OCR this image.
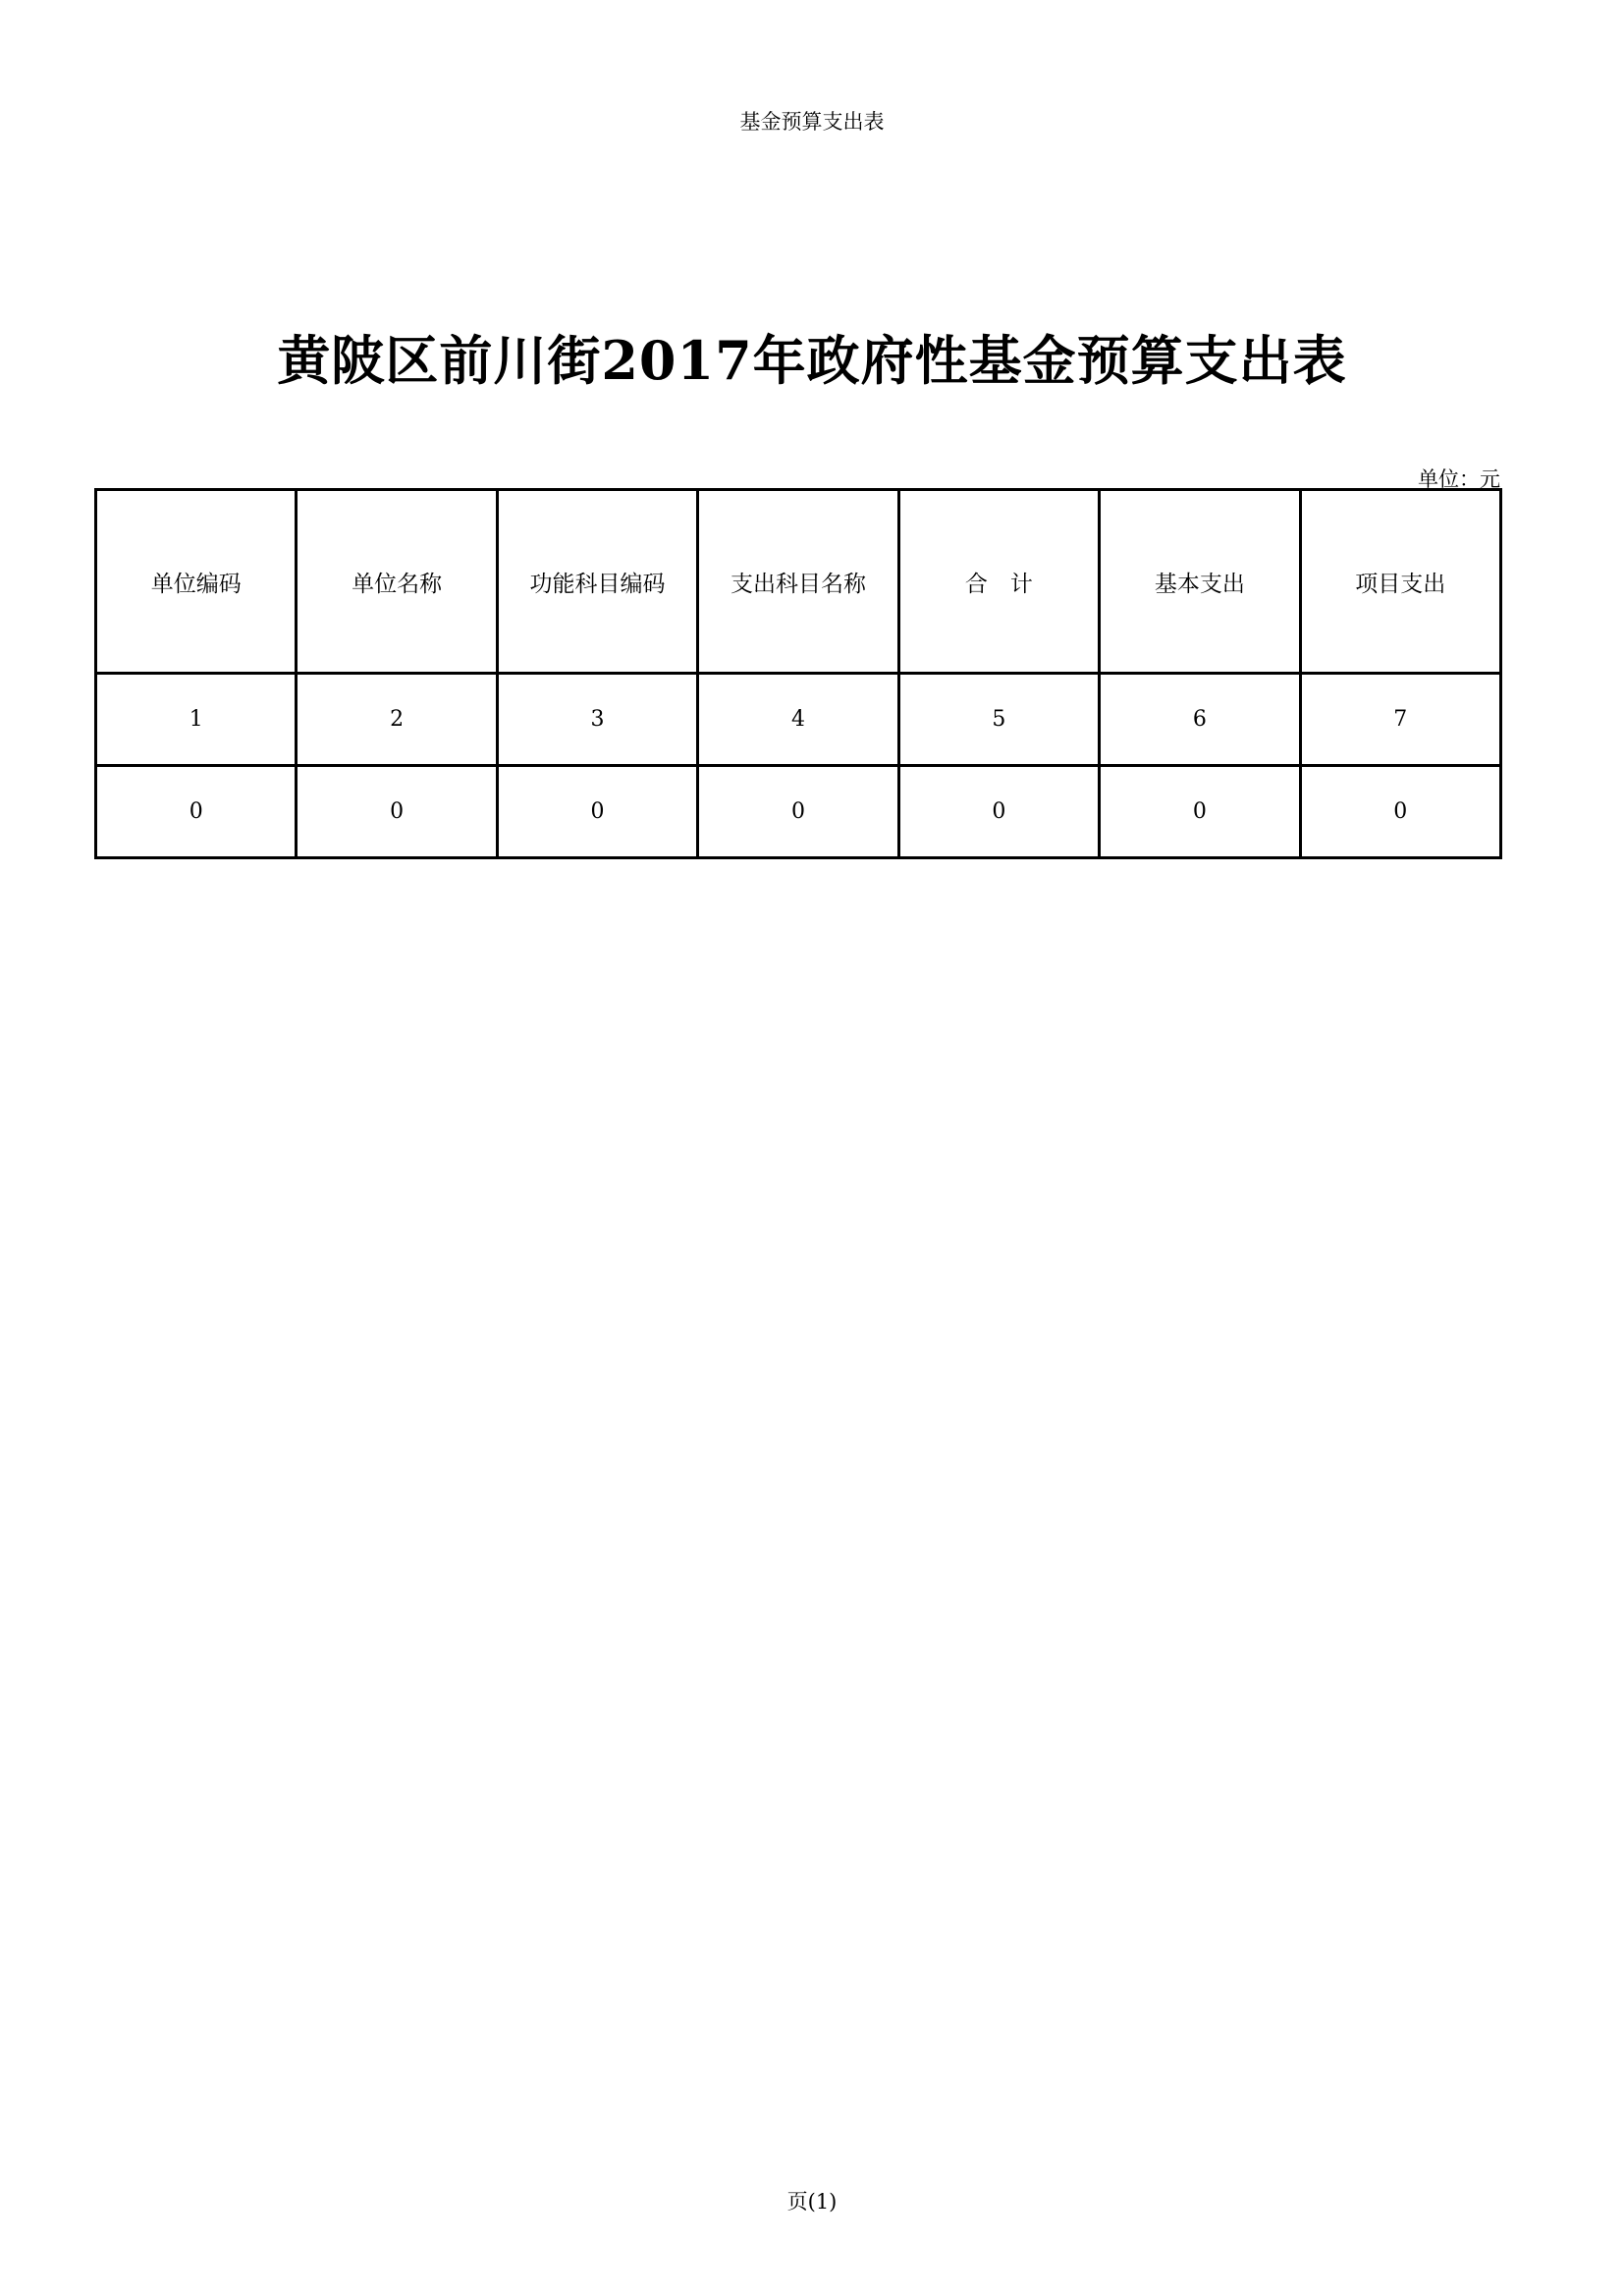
基金预算支出表
黄陂区前川街2017年政府性基金预算支出表
单位：元
单位编码	单位名称	功能科目编码	支出科目名称	合　计	基本支出	项目支出
1	2	3	4	5	6	7
0	0	0	0	0	0	0
页(1)
